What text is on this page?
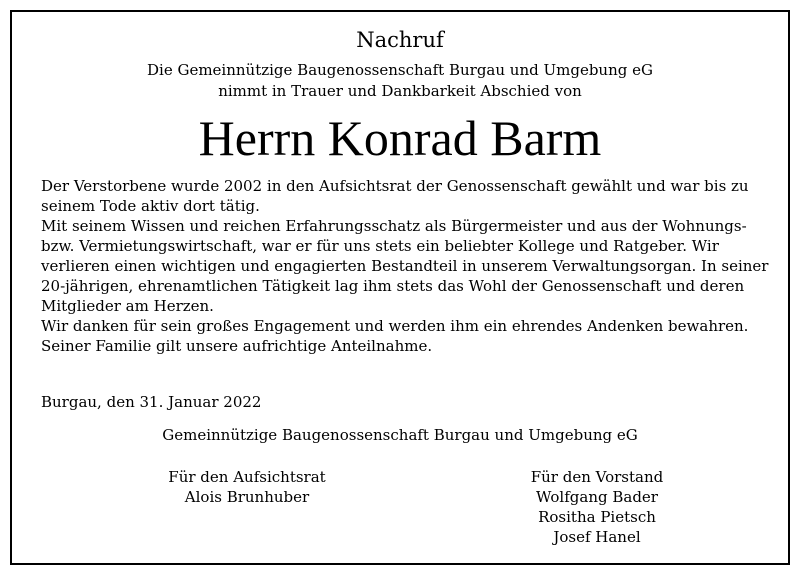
Nachruf
Die Gemeinnützige Baugenossenschaft Burgau und Umgebung eG
nimmt in Trauer und Dankbarkeit Abschied von
Herrn Konrad Barm

Der Verstorbene wurde 2002 in den Aufsichtsrat der Genossenschaft gewählt und war bis zu seinem Tode aktiv dort tätig.

Mit seinem Wissen und reichen Erfahrungsschatz als Bürgermeister und aus der Wohnungs- bzw. Vermietungswirtschaft, war er für uns stets ein beliebter Kollege und Ratgeber. Wir verlieren einen wichtigen und engagierten Bestandteil in unserem Verwaltungsorgan. In seiner 20-jährigen, ehrenamtlichen Tätigkeit lag ihm stets das Wohl der Genossenschaft und deren Mitglieder am Herzen.

Wir danken für sein großes Engagement und werden ihm ein ehrendes Andenken bewahren.

Seiner Familie gilt unsere aufrichtige Anteilnahme.

Burgau, den 31. Januar 2022
Gemeinnützige Baugenossenschaft Burgau und Umgebung eG
Für den Aufsichtsrat
Alois Brunhuber
Für den Vorstand
Wolfgang Bader
Rositha Pietsch
Josef Hanel
